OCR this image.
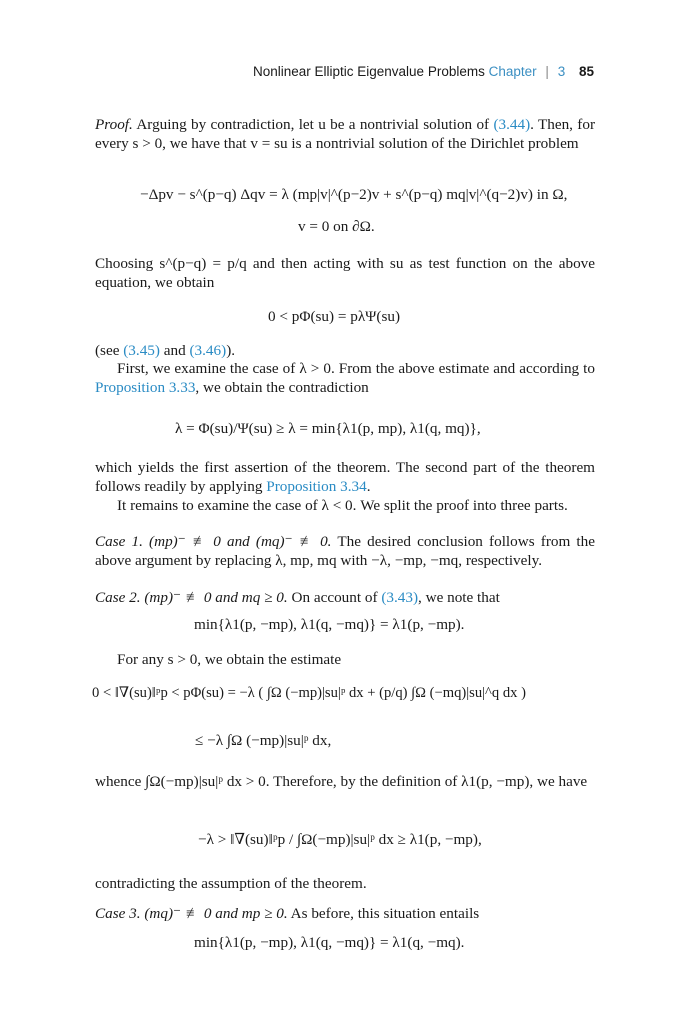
Nonlinear Elliptic Eigenvalue Problems Chapter | 3 85
Proof. Arguing by contradiction, let u be a nontrivial solution of (3.44). Then, for every s > 0, we have that v = su is a nontrivial solution of the Dirichlet problem
−Δpv − s^(p−q) Δqv = λ (mp|v|^(p−2)v + s^(p−q) mq|v|^(q−2)v) in Ω,
v = 0 on ∂Ω.
Choosing s^(p−q) = p/q and then acting with su as test function on the above equation, we obtain
0 < pΦ(su) = pλΨ(su)
(see (3.45) and (3.46)).
First, we examine the case of λ > 0. From the above estimate and according to Proposition 3.33, we obtain the contradiction
λ = Φ(su)/Ψ(su) ≥ λ = min{λ1(p, mp), λ1(q, mq)},
which yields the first assertion of the theorem. The second part of the theorem follows readily by applying Proposition 3.34.
It remains to examine the case of λ < 0. We split the proof into three parts.
Case 1. (mp)⁻ ≢ 0 and (mq)⁻ ≢ 0. The desired conclusion follows from the above argument by replacing λ, mp, mq with −λ, −mp, −mq, respectively.
Case 2. (mp)⁻ ≢ 0 and mq ≥ 0. On account of (3.43), we note that
min{λ1(p, −mp), λ1(q, −mq)} = λ1(p, −mp).
For any s > 0, we obtain the estimate
0 < ‖∇(su)‖ᵖp < pΦ(su) = −λ ( ∫Ω (−mp)|su|ᵖ dx + (p/q) ∫Ω (−mq)|su|^q dx )
≤ −λ ∫Ω (−mp)|su|ᵖ dx,
whence ∫Ω(−mp)|su|ᵖ dx > 0. Therefore, by the definition of λ1(p, −mp), we have
−λ > ‖∇(su)‖ᵖp / ∫Ω(−mp)|su|ᵖ dx ≥ λ1(p, −mp),
contradicting the assumption of the theorem.
Case 3. (mq)⁻ ≢ 0 and mp ≥ 0. As before, this situation entails
min{λ1(p, −mp), λ1(q, −mq)} = λ1(q, −mq).
